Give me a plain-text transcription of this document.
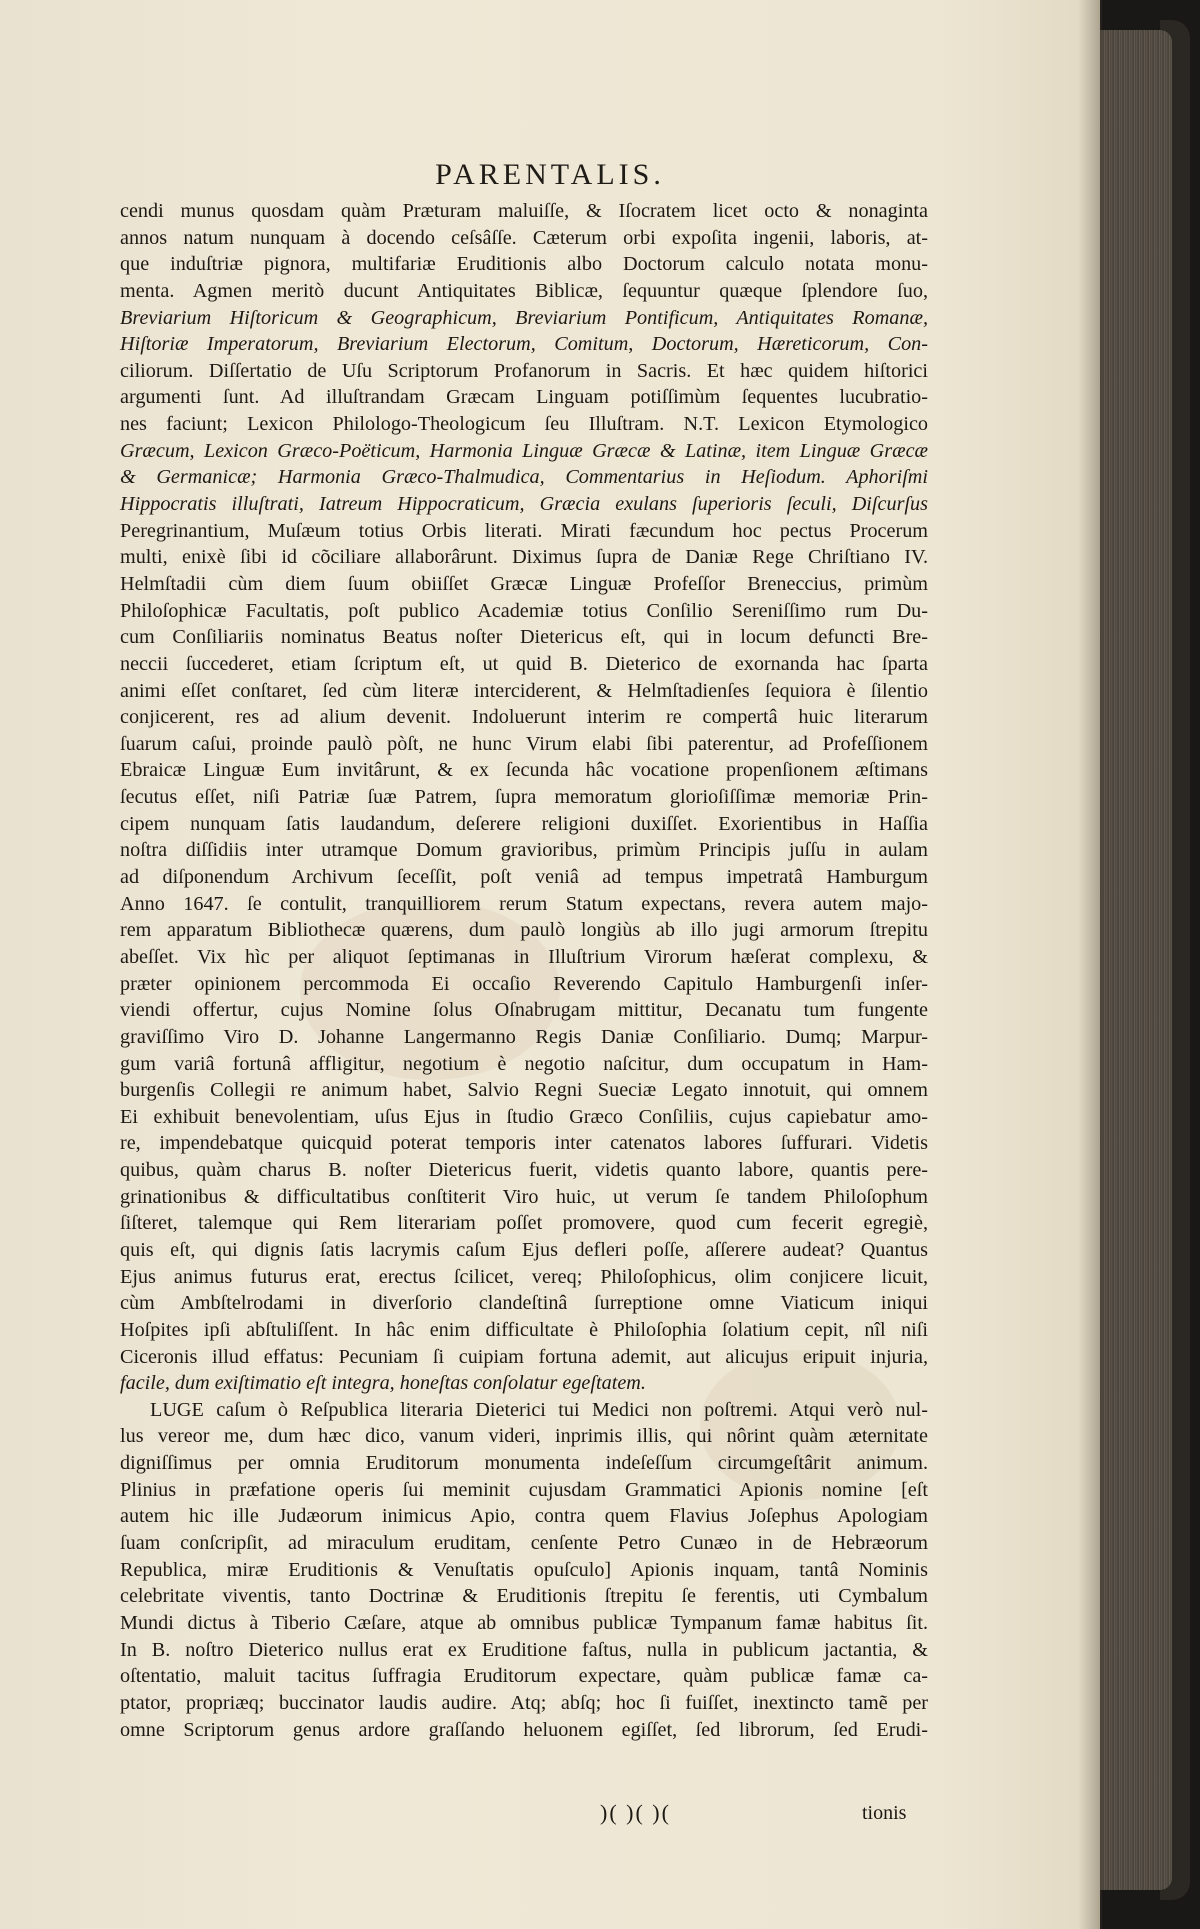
PARENTALIS.
cendi munus quosdam quàm Præturam maluiſſe, & Iſocratem licet octo & nonaginta
annos natum nunquam à docendo ceſsâſſe. Cæterum orbi expoſita ingenii, laboris, at-
que induſtriæ pignora, multifariæ Eruditionis albo Doctorum calculo notata monu-
menta. Agmen meritò ducunt Antiquitates Biblicæ, ſequuntur quæque ſplendore ſuo,
Breviarium Hiſtoricum & Geographicum, Breviarium Pontificum, Antiquitates Romanæ,
Hiſtoriæ Imperatorum, Breviarium Electorum, Comitum, Doctorum, Hæreticorum, Con-
ciliorum. Diſſertatio de Uſu Scriptorum Profanorum in Sacris. Et hæc quidem hiſtorici
argumenti ſunt. Ad illuſtrandam Græcam Linguam potiſſimùm ſequentes lucubratio-
nes faciunt; Lexicon Philologo-Theologicum ſeu Illuſtram. N.T. Lexicon Etymologico
Græcum, Lexicon Græco-Poëticum, Harmonia Linguæ Græcæ & Latinæ, item Linguæ Græcæ
& Germanicæ; Harmonia Græco-Thalmudica, Commentarius in Heſiodum. Aphoriſmi
Hippocratis illuſtrati, Iatreum Hippocraticum, Græcia exulans ſuperioris ſeculi, Diſcurſus
Peregrinantium, Muſæum totius Orbis literati. Mirati fæcundum hoc pectus Procerum
multi, enixè ſibi id cõciliare allaborârunt. Diximus ſupra de Daniæ Rege Chriſtiano IV.
Helmſtadii cùm diem ſuum obiiſſet Græcæ Linguæ Profeſſor Breneccius, primùm
Philoſophicæ Facultatis, poſt publico Academiæ totius Conſilio Sereniſſimo rum Du-
cum Conſiliariis nominatus Beatus noſter Dietericus eſt, qui in locum defuncti Bre-
neccii ſuccederet, etiam ſcriptum eſt, ut quid B. Dieterico de exornanda hac ſparta
animi eſſet conſtaret, ſed cùm literæ interciderent, & Helmſtadienſes ſequiora è ſilentio
conjicerent, res ad alium devenit. Indoluerunt interim re compertâ huic literarum
ſuarum caſui, proinde paulò pòſt, ne hunc Virum elabi ſibi paterentur, ad Profeſſionem
Ebraicæ Linguæ Eum invitârunt, & ex ſecunda hâc vocatione propenſionem æſtimans
ſecutus eſſet, niſi Patriæ ſuæ Patrem, ſupra memoratum glorioſiſſimæ memoriæ Prin-
cipem nunquam ſatis laudandum, deſerere religioni duxiſſet. Exorientibus in Haſſia
noſtra diſſidiis inter utramque Domum gravioribus, primùm Principis juſſu in aulam
ad diſponendum Archivum ſeceſſit, poſt veniâ ad tempus impetratâ Hamburgum
Anno 1647. ſe contulit, tranquilliorem rerum Statum expectans, revera autem majo-
rem apparatum Bibliothecæ quærens, dum paulò longiùs ab illo jugi armorum ſtrepitu
abeſſet. Vix hìc per aliquot ſeptimanas in Illuſtrium Virorum hæſerat complexu, &
præter opinionem percommoda Ei occaſio Reverendo Capitulo Hamburgenſi inſer-
viendi offertur, cujus Nomine ſolus Oſnabrugam mittitur, Decanatu tum fungente
graviſſimo Viro D. Johanne Langermanno Regis Daniæ Conſiliario. Dumq; Marpur-
gum variâ fortunâ affligitur, negotium è negotio naſcitur, dum occupatum in Ham-
burgenſis Collegii re animum habet, Salvio Regni Sueciæ Legato innotuit, qui omnem
Ei exhibuit benevolentiam, uſus Ejus in ſtudio Græco Conſiliis, cujus capiebatur amo-
re, impendebatque quicquid poterat temporis inter catenatos labores ſuffurari. Videtis
quibus, quàm charus B. noſter Dietericus fuerit, videtis quanto labore, quantis pere-
grinationibus & difficultatibus conſtiterit Viro huic, ut verum ſe tandem Philoſophum
ſiſteret, talemque qui Rem literariam poſſet promovere, quod cum fecerit egregiè,
quis eſt, qui dignis ſatis lacrymis caſum Ejus defleri poſſe, aſſerere audeat? Quantus
Ejus animus futurus erat, erectus ſcilicet, vereq; Philoſophicus, olim conjicere licuit,
cùm Ambſtelrodami in diverſorio clandeſtinâ ſurreptione omne Viaticum iniqui
Hoſpites ipſi abſtuliſſent. In hâc enim difficultate è Philoſophia ſolatium cepit, nîl niſi
Ciceronis illud effatus: Pecuniam ſi cuipiam fortuna ademit, aut alicujus eripuit injuria,
facile, dum exiſtimatio eſt integra, honeſtas conſolatur egeſtatem.
LUGE caſum ò Reſpublica literaria Dieterici tui Medici non poſtremi. Atqui verò nul-
lus vereor me, dum hæc dico, vanum videri, inprimis illis, qui nôrint quàm æternitate
digniſſimus per omnia Eruditorum monumenta indeſeſſum circumgeſtârit animum.
Plinius in præfatione operis ſui meminit cujusdam Grammatici Apionis nomine [eſt
autem hic ille Judæorum inimicus Apio, contra quem Flavius Joſephus Apologiam
ſuam conſcripſit, ad miraculum eruditam, cenſente Petro Cunæo in de Hebræorum
Republica, miræ Eruditionis & Venuſtatis opuſculo] Apionis inquam, tantâ Nominis
celebritate viventis, tanto Doctrinæ & Eruditionis ſtrepitu ſe ferentis, uti Cymbalum
Mundi dictus à Tiberio Cæſare, atque ab omnibus publicæ Tympanum famæ habitus ſit.
In B. noſtro Dieterico nullus erat ex Eruditione faſtus, nulla in publicum jactantia, &
oſtentatio, maluit tacitus ſuffragia Eruditorum expectare, quàm publicæ famæ ca-
ptator, propriæq; buccinator laudis audire. Atq; abſq; hoc ſi fuiſſet, inextincto tamẽ per
omne Scriptorum genus ardore graſſando heluonem egiſſet, ſed librorum, ſed Erudi-
)( )( )(	tionis
